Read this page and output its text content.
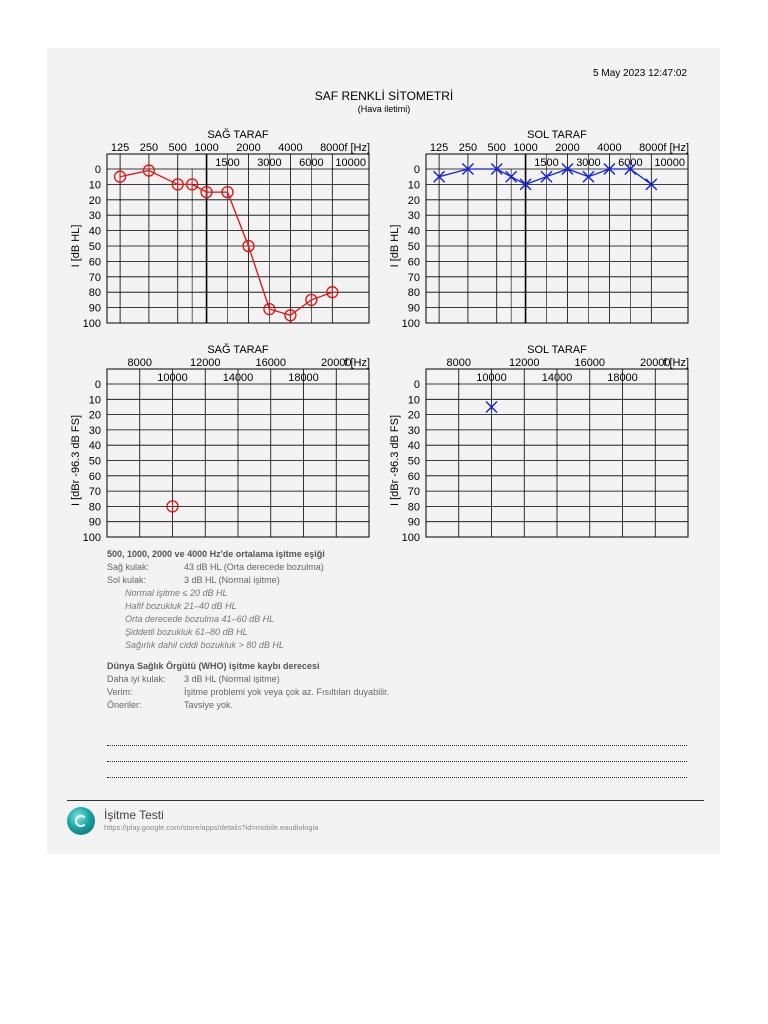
5 May 2023 12:47:02
SAF RENKLİ SİTOMETRİ
(Hava iletimi)
SAĞ TARAF
0
10
20
30
40
50
60
70
80
90
100
125 250 500 1000 2000 4000 8000
1500 3000 6000 10000
f [Hz]
I [dB HL]
SOL TARAF
0
10
20
30
40
50
60
70
80
90
100
125 250 500 1000 2000 4000 8000
1500 3000 6000 10000
f [Hz]
I [dB HL]
SAĞ TARAF
0
10
20
30
40
50
60
70
80
90
100
8000	12000	16000	20000
10000	14000	18000
f [Hz]
I [dBr -96.3 dB FS]
SOL TARAF
0
10
20
30
40
50
60
70
80
90
100
8000	12000	16000	20000
10000	14000	18000
f [Hz]
I [dBr -96.3 dB FS]
500, 1000, 2000 ve 4000 Hz'de ortalama işitme eşiği
Sağ kulak:	43 dB HL (Orta derecede bozulma)
Sol kulak:	3 dB HL (Normal işitme)
Normal işitme ≤ 20 dB HL
Hafif bozukluk 21–40 dB HL
Orta derecede bozulma 41–60 dB HL
Şiddetli bozukluk 61–80 dB HL
Sağırlık dahil ciddi bozukluk > 80 dB HL
Dünya Sağlık Örgütü (WHO) işitme kaybı derecesi
Daha iyi kulak: 3 dB HL (Normal işitme)
Verim:	İşitme problemi yok veya çok az. Fısıltıları duyabilir.
Öneriler:	Tavsiye yok.
İşitme Testi
https://play.google.com/store/apps/details?id=mobile.eaudiologia
